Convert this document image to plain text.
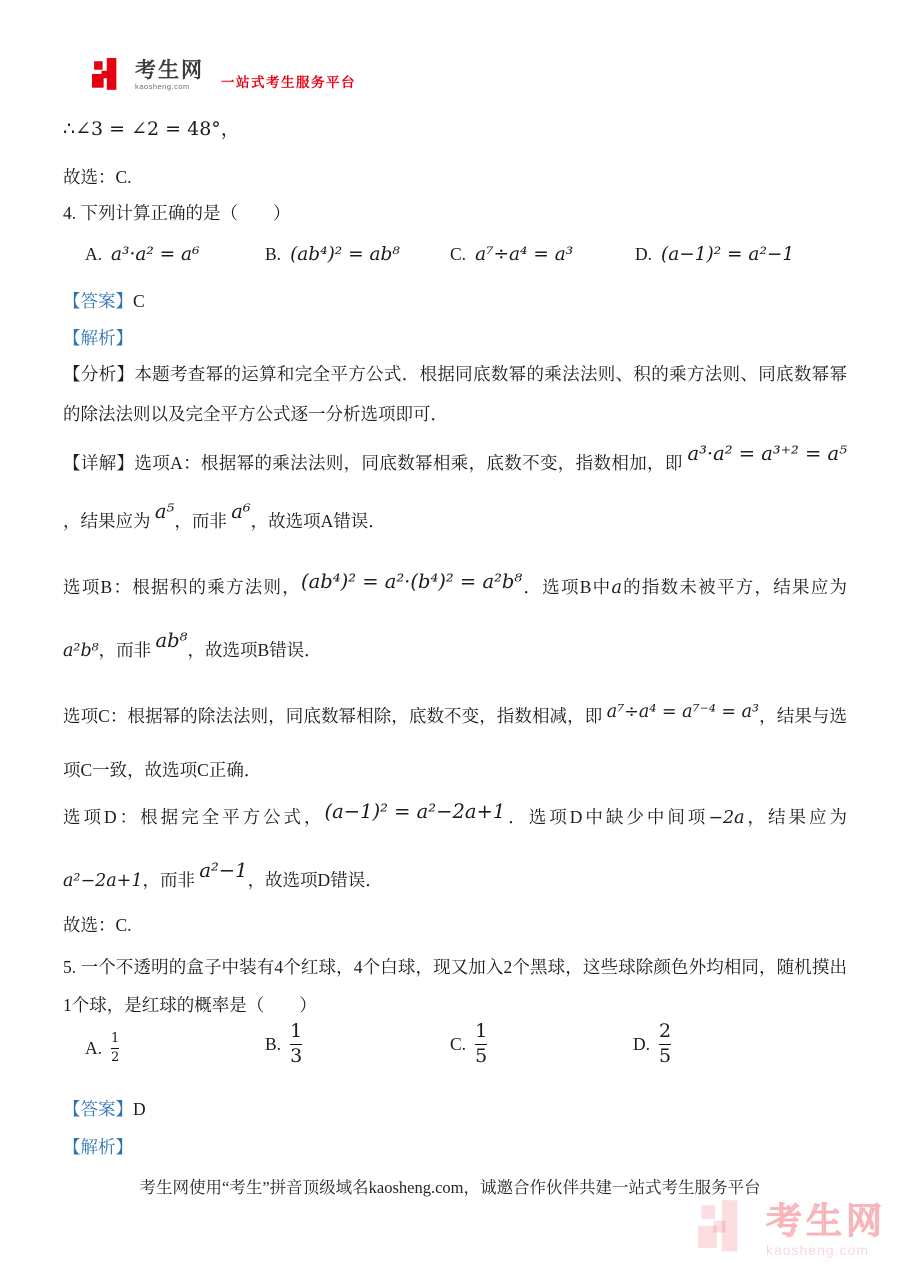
考生网
kaosheng.com	一站式考生服务平台

∴∠3 = ∠2 = 48°，

故选：C.

4. 下列计算正确的是（　　）

A. a³·a² = a⁶	B. (ab⁴)² = ab⁸	C. a⁷÷a⁴ = a³	D. (a−1)² = a²−1

【答案】C

【解析】

【分析】本题考查幂的运算和完全平方公式．根据同底数幂的乘法法则、积的乘方法则、同底数幂幂的除法法则以及完全平方公式逐一分析选项即可．

【详解】选项A：根据幂的乘法法则，同底数幂相乘，底数不变，指数相加，即 a³·a² = a³⁺² = a⁵，结果应为 a⁵，而非 a⁶，故选项A错误．

选项B：根据积的乘方法则，(ab⁴)² = a²·(b⁴)² = a²b⁸．选项B中a的指数未被平方，结果应为a²b⁸，而非 ab⁸，故选项B错误．

选项C：根据幂的除法法则，同底数幂相除，底数不变，指数相减，即 a⁷÷a⁴ = a⁷⁻⁴ = a³，结果与选项C一致，故选项C正确．

选项D：根据完全平方公式，(a−1)² = a²−2a+1．选项D中缺少中间项−2a，结果应为a²−2a+1，而非 a²−1，故选项D错误．

故选：C.

5. 一个不透明的盒子中装有4个红球，4个白球，现又加入2个黑球，这些球除颜色外均相同，随机摸出1个球，是红球的概率是（　　）

A. $\frac{1}{2}$	B. $\frac{1}{3}$	C. $\frac{1}{5}$	D. $\frac{2}{5}$

【答案】D

【解析】

考生网使用“考生”拼音顶级域名kaosheng.com，诚邀合作伙伴共建一站式考生服务平台
考生网
kaosheng.com
